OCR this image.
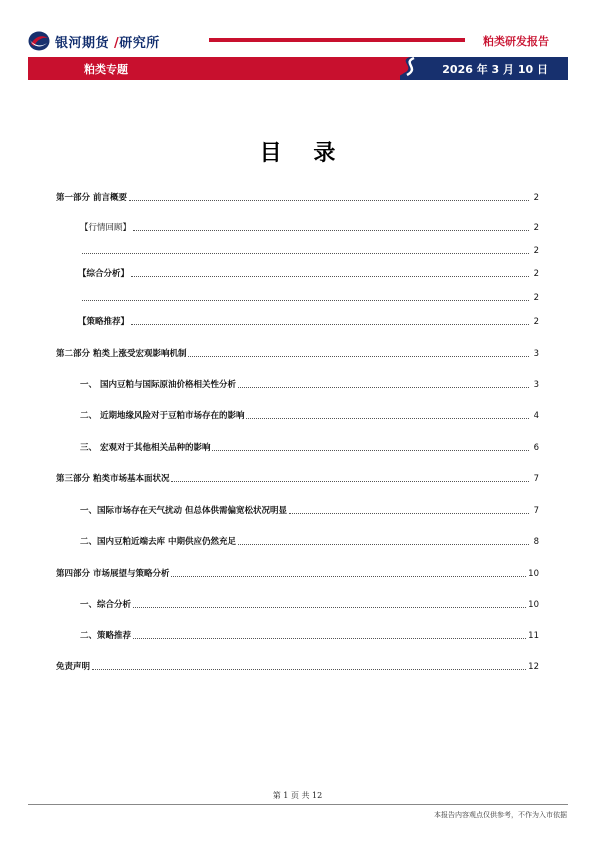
银河期货 /研究所	粕类研发报告
粕类专题	2026 年 3 月 10 日
目 录
第一部分 前言概要	2
【行情回顾】	2
2
【综合分析】	2
2
【策略推荐】	2
第二部分 粕类上涨受宏观影响机制	3
一、 国内豆粕与国际原油价格相关性分析	3
二、 近期地缘风险对于豆粕市场存在的影响	4
三、 宏观对于其他相关品种的影响	6
第三部分 粕类市场基本面状况	7
一、国际市场存在天气扰动 但总体供需偏宽松状况明显	7
二、国内豆粕近端去库 中期供应仍然充足	8
第四部分 市场展望与策略分析	10
一、综合分析	10
二、策略推荐	11
免责声明	12
第 1 页 共 12
本报告内容观点仅供参考，不作为入市依据
